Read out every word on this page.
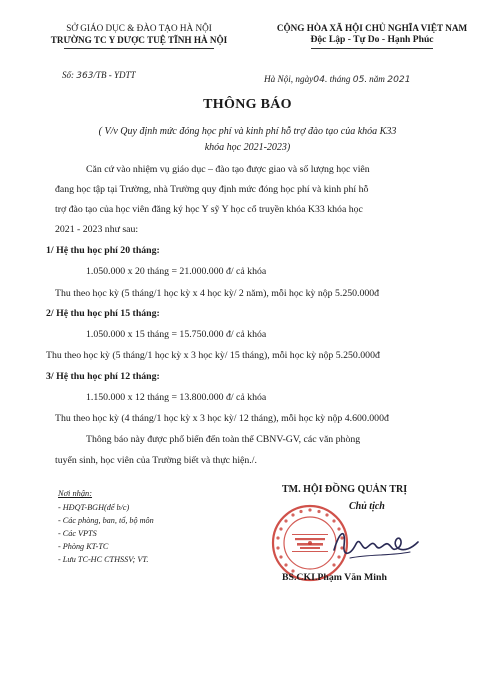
SỞ GIÁO DỤC & ĐÀO TẠO HÀ NỘI
TRƯỜNG TC Y DƯỢC TUỆ TĨNH HÀ NỘI
CỘNG HÒA XÃ HỘI CHỦ NGHĨA VIỆT NAM
Độc Lập - Tự Do - Hạnh Phúc
Số: 363/TB - YDTT	Hà Nội, ngày04. tháng 05. năm 2021
THÔNG BÁO
( V/v Quy định mức đóng học phí và kinh phí hỗ trợ đào tạo của khóa K33
khóa học 2021-2023)
Căn cứ vào nhiệm vụ giáo dục – đào tạo được giao và số lượng học viên
đang học tập tại Trường, nhà Trường quy định mức đóng học phí và kinh phí hỗ
trợ đào tạo của học viên đăng ký học Y sỹ Y học cổ truyền khóa K33 khóa học
2021 - 2023 như sau:
1/ Hệ thu học phí 20 tháng:
1.050.000 x 20 tháng = 21.000.000 đ/ cả khóa
Thu theo học kỳ (5 tháng/1 học kỳ x 4 học kỳ/ 2 năm), mỗi học kỳ nộp 5.250.000đ
2/ Hệ thu học phí 15 tháng:
1.050.000 x 15 tháng = 15.750.000 đ/ cả khóa
Thu theo học kỳ (5 tháng/1 học kỳ x 3 học kỳ/ 15 tháng), mỗi học kỳ nộp 5.250.000đ
3/ Hệ thu học phí 12 tháng:
1.150.000 x 12 tháng = 13.800.000 đ/ cả khóa
Thu theo học kỳ (4 tháng/1 học kỳ x 3 học kỳ/ 12 tháng), mỗi học kỳ nộp 4.600.000đ
Thông báo này được phổ biến đến toàn thể CBNV-GV, các văn phòng
tuyển sinh, học viên của Trường biết và thực hiện./.
Nơi nhận:
- HĐQT-BGH(để b/c)
- Các phòng, ban, tổ, bộ môn
- Các VPTS
- Phòng KT-TC
- Lưu TC-HC CTHSSV; VT.
TM. HỘI ĐỒNG QUẢN TRỊ
Chủ tịch
BS.CKI.Phạm Văn Minh
